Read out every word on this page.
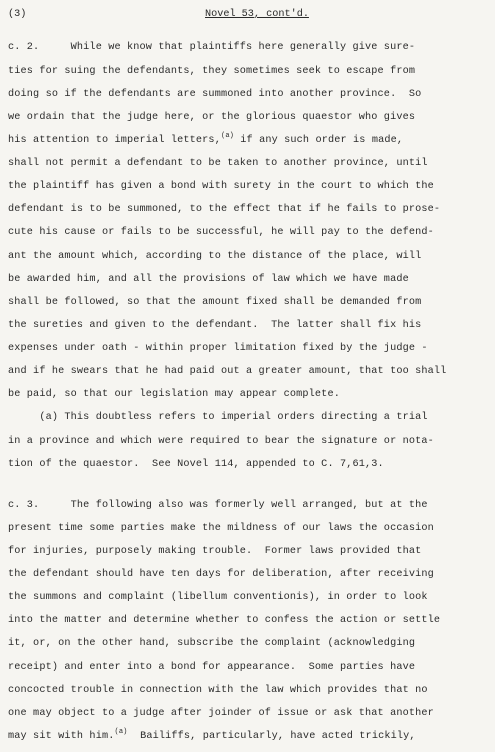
(3)	Novel 53, cont'd.
c. 2.     While we know that plaintiffs here generally give sure-
ties for suing the defendants, they sometimes seek to escape from
doing so if the defendants are summoned into another province.  So
we ordain that the judge here, or the glorious quaestor who gives
his attention to imperial letters,$^{(a)}$ if any such order is made,
shall not permit a defendant to be taken to another province, until
the plaintiff has given a bond with surety in the court to which the
defendant is to be summoned, to the effect that if he fails to prose-
cute his cause or fails to be successful, he will pay to the defend-
ant the amount which, according to the distance of the place, will
be awarded him, and all the provisions of law which we have made
shall be followed, so that the amount fixed shall be demanded from
the sureties and given to the defendant.  The latter shall fix his
expenses under oath - within proper limitation fixed by the judge -
and if he swears that he had paid out a greater amount, that too shall
be paid, so that our legislation may appear complete.
(a) This doubtless refers to imperial orders directing a trial
in a province and which were required to bear the signature or nota-
tion of the quaestor.  See Novel 114, appended to C. 7,61,3.
c. 3.     The following also was formerly well arranged, but at the
present time some parties make the mildness of our laws the occasion
for injuries, purposely making trouble.  Former laws provided that
the defendant should have ten days for deliberation, after receiving
the summons and complaint (libellum conventionis), in order to look
into the matter and determine whether to confess the action or settle
it, or, on the other hand, subscribe the complaint (acknowledging
receipt) and enter into a bond for appearance.  Some parties have
concocted trouble in connection with the law which provides that no
one may object to a judge after joinder of issue or ask that another
may sit with him.$^{(a)}$  Bailiffs, particularly, have acted trickily,
